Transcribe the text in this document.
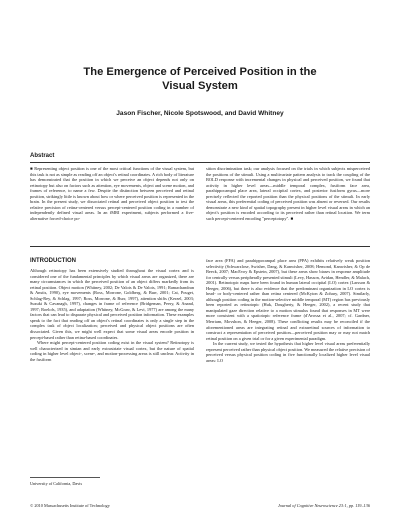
The Emergence of Perceived Position in the
Visual System
Jason Fischer, Nicole Spotswood, and David Whitney
Abstract

■ Representing object position is one of the most critical functions of the visual system, but this task is not as simple as reading off an object's retinal coordinates. A rich body of literature has demonstrated that the position in which we perceive an object depends not only on retinotopy but also on factors such as attention, eye movements, object and scene motion, and frames of reference, to name a few. Despite the distinction between perceived and retinal position, strikingly little is known about how or where perceived position is represented in the brain. In the present study, we dissociated retinal and perceived object position to test the relative precision of retina-centered versus percept-centered position coding in a number of independently defined visual areas. In an fMRI experiment, subjects performed a five-alternative forced-choice po-

sition discrimination task; our analysis focused on the trials in which subjects misperceived the positions of the stimuli. Using a multivariate pattern analysis to track the coupling of the BOLD response with incremental changes in physical and perceived position, we found that activity in higher level areas—middle temporal complex, fusiform face area, parahippocampal place area, lateral occipital cortex, and posterior fusiform gyrus—more precisely reflected the reported position than the physical positions of the stimuli. In early visual areas, this preferential coding of perceived position was absent or reversed. Our results demonstrate a new kind of spatial topography present in higher level visual areas in which an object's position is encoded according to its perceived rather than retinal location. We term such percept-centered encoding "perceptotopy". ■

INTRODUCTION

Although retinotopy has been extensively studied throughout the visual cortex and is considered one of the fundamental principles by which visual areas are organized, there are many circumstances in which the perceived position of an object differs markedly from its retinal position. Object motion (Whitney, 2002; De Valois & De Valois, 1991; Ramachandran & Anstis, 1990), eye movements (Ross, Morrone, Goldberg, & Burr, 2001; Cai, Pouget, Schlag-Rey, & Schlag, 1997; Ross, Morrone, & Burr, 1997), attention shifts (Kerzel, 2003; Suzuki & Cavanagh, 1997), changes in frame of reference (Bridgeman, Peery, & Anand, 1997; Roelofs, 1935), and adaptation (Whitney, McGraw, & Levi, 1977) are among the many factors that can lead to disparate physical and perceived position information. These examples speak to the fact that reading off an object's retinal coordinates is only a single step in the complex task of object localization; perceived and physical object positions are often dissociated. Given this, we might well expect that some visual areas encode position in percept-based rather than retina-based coordinates.

Where might percept-centered position coding exist in the visual system? Retinotopy is well characterized in simian and early extrastriate visual cortex, but the nature of spatial coding in higher level object-, scene-, and motion-processing areas is still unclear. Activity in the fusiform

face area (FFA) and parahippocampal place area (PPA) exhibits relatively weak position selectivity (Schwarzlose, Swisher, Dang, & Kanwisher, 2008; Hemond, Kanwisher, & Op de Beeck, 2007; MacEvoy & Epstein, 2007), but these areas show biases in response amplitude for centrally versus peripherally presented stimuli (Levy, Hasson, Avidan, Hendler, & Malach, 2001). Retinotopic maps have been found in human lateral occipital (LO) cortex (Larsson & Heeger, 2006), but there is also evidence that the predominant organization in LO cortex is head- or body-centered rather than retina centered (McKyton & Zohary, 2007). Similarly, although position coding in the motion-selective middle temporal (MT) region has previously been reported as retinotopic (Huk, Dougherty, & Heeger, 2002), a recent study that manipulated gaze direction relative to a motion stimulus found that responses in MT were more consistent with a spatiotopic reference frame (d'Avossa et al., 2007; cf. Gardner, Merriam, Movshon, & Heeger, 2008). These conflicting results may be reconciled if the aforementioned areas are integrating retinal and extraretinal sources of information to construct a representation of perceived position—perceived position may or may not match retinal position on a given trial or for a given experimental paradigm.

In the current study, we tested the hypothesis that higher level visual areas preferentially represent perceived rather than physical object position. We measured the relative precision of perceived versus physical position coding in five functionally localized higher level visual areas: LO

University of California, Davis
© 2010 Massachusetts Institute of Technology	Journal of Cognitive Neuroscience 23:1, pp. 119–136
